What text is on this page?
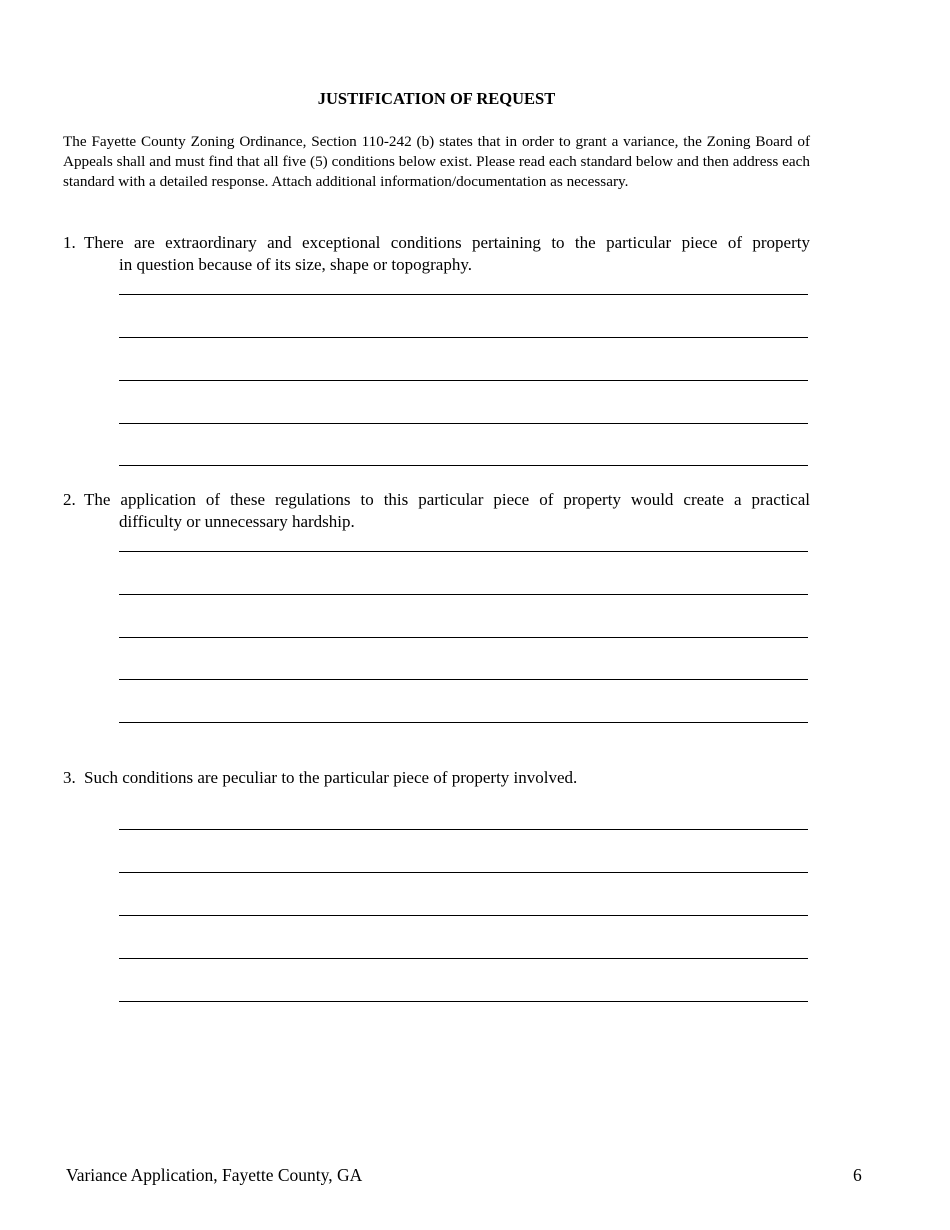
JUSTIFICATION OF REQUEST
The Fayette County Zoning Ordinance, Section 110-242 (b) states that in order to grant a variance, the Zoning Board of Appeals shall and must find that all five (5) conditions below exist. Please read each standard below and then address each standard with a detailed response. Attach additional information/documentation as necessary.
1. There are extraordinary and exceptional conditions pertaining to the particular piece of property
in question because of its size, shape or topography.
2. The application of these regulations to this particular piece of property would create a practical
difficulty or unnecessary hardship.
3. Such conditions are peculiar to the particular piece of property involved.
Variance Application, Fayette County, GA	6
